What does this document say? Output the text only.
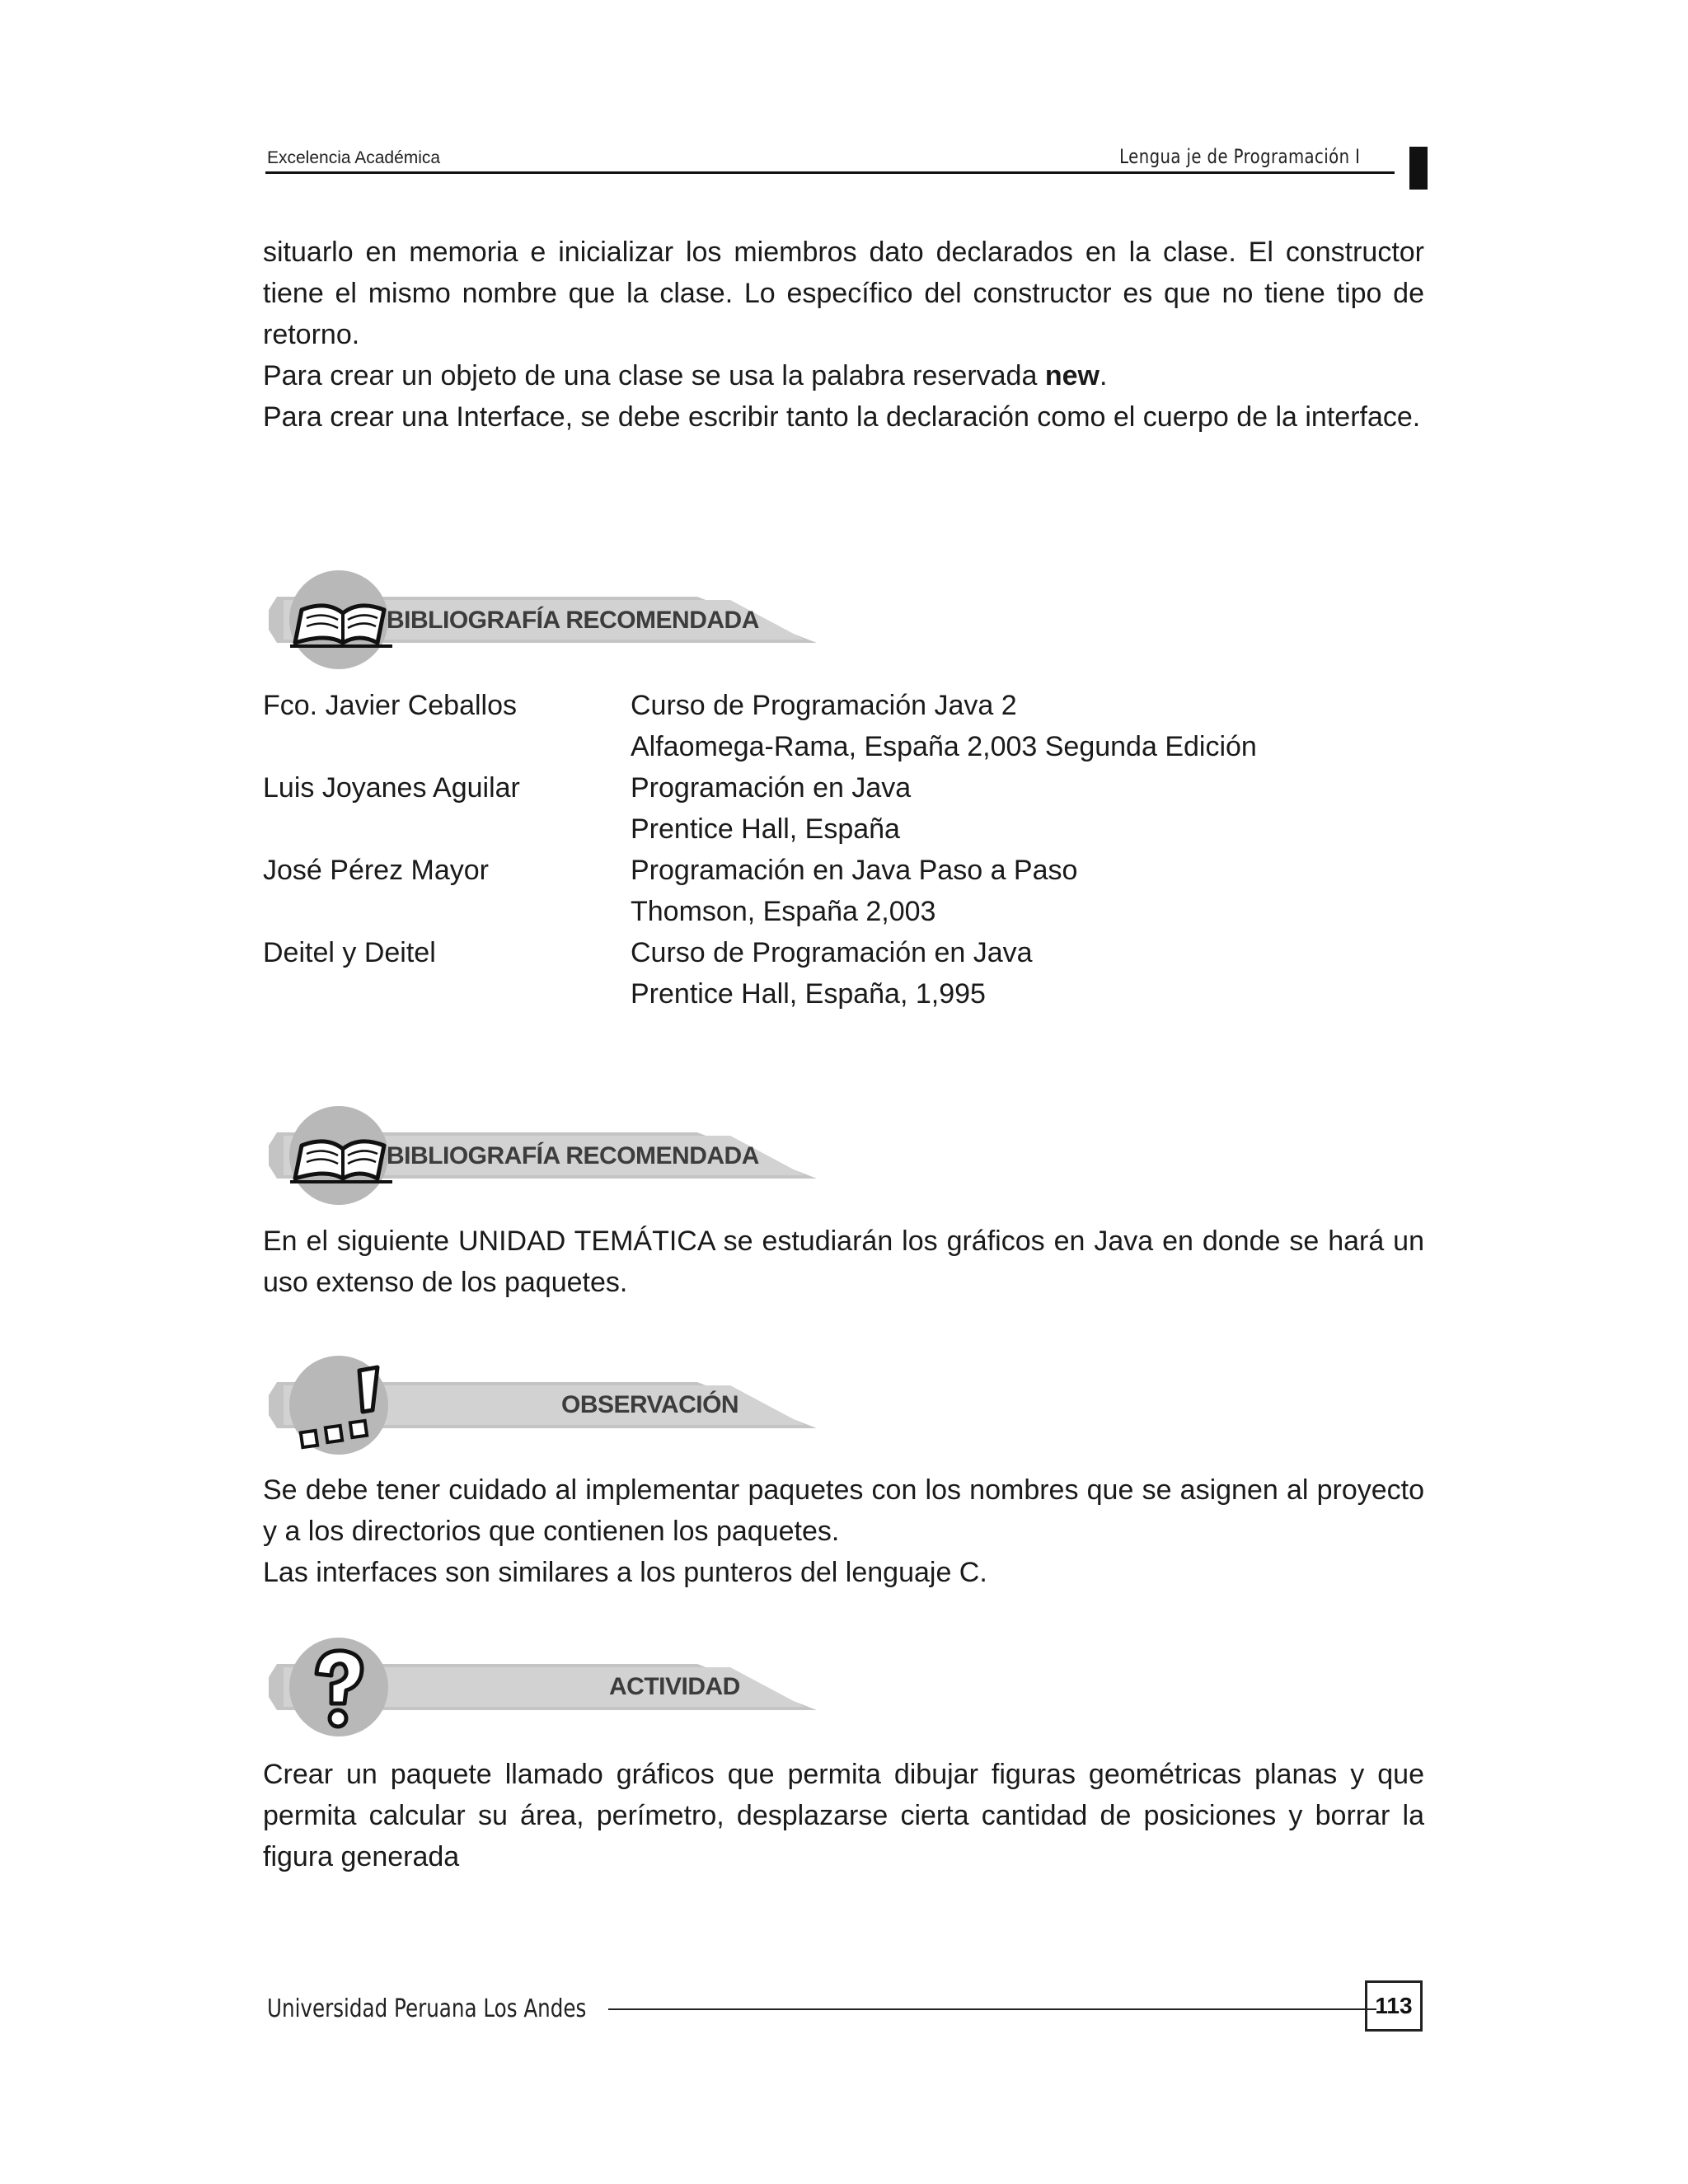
Excelencia Académica	Lengua je de Programación I
situarlo en memoria e inicializar los miembros dato declarados en la clase. El constructor tiene el mismo nombre que la clase. Lo específico del constructor es que no tiene tipo de retorno.
Para crear un objeto de una clase se usa la palabra reservada new.
Para crear una Interface, se debe escribir tanto la declaración como el cuerpo de la interface.
BIBLIOGRAFÍA RECOMENDADA
Fco. Javier Ceballos	Curso de Programación Java 2
Alfaomega-Rama, España 2,003 Segunda Edición
Luis Joyanes Aguilar	Programación en Java
Prentice Hall, España
José Pérez Mayor	Programación en Java Paso a Paso
Thomson, España 2,003
Deitel y Deitel	Curso de Programación en Java
Prentice Hall, España, 1,995
BIBLIOGRAFÍA RECOMENDADA
En el siguiente UNIDAD TEMÁTICA se estudiarán los gráficos en Java en donde se hará un uso extenso de los paquetes.
OBSERVACIÓN
Se debe tener cuidado al implementar paquetes con los nombres que se asignen al proyecto y a los directorios que contienen los paquetes.
Las interfaces son similares a los punteros del lenguaje C.
ACTIVIDAD
Crear un paquete llamado gráficos que permita dibujar figuras geométricas planas y que permita calcular su área, perímetro, desplazarse cierta cantidad de posiciones y borrar la figura generada
Universidad Peruana Los Andes	113
